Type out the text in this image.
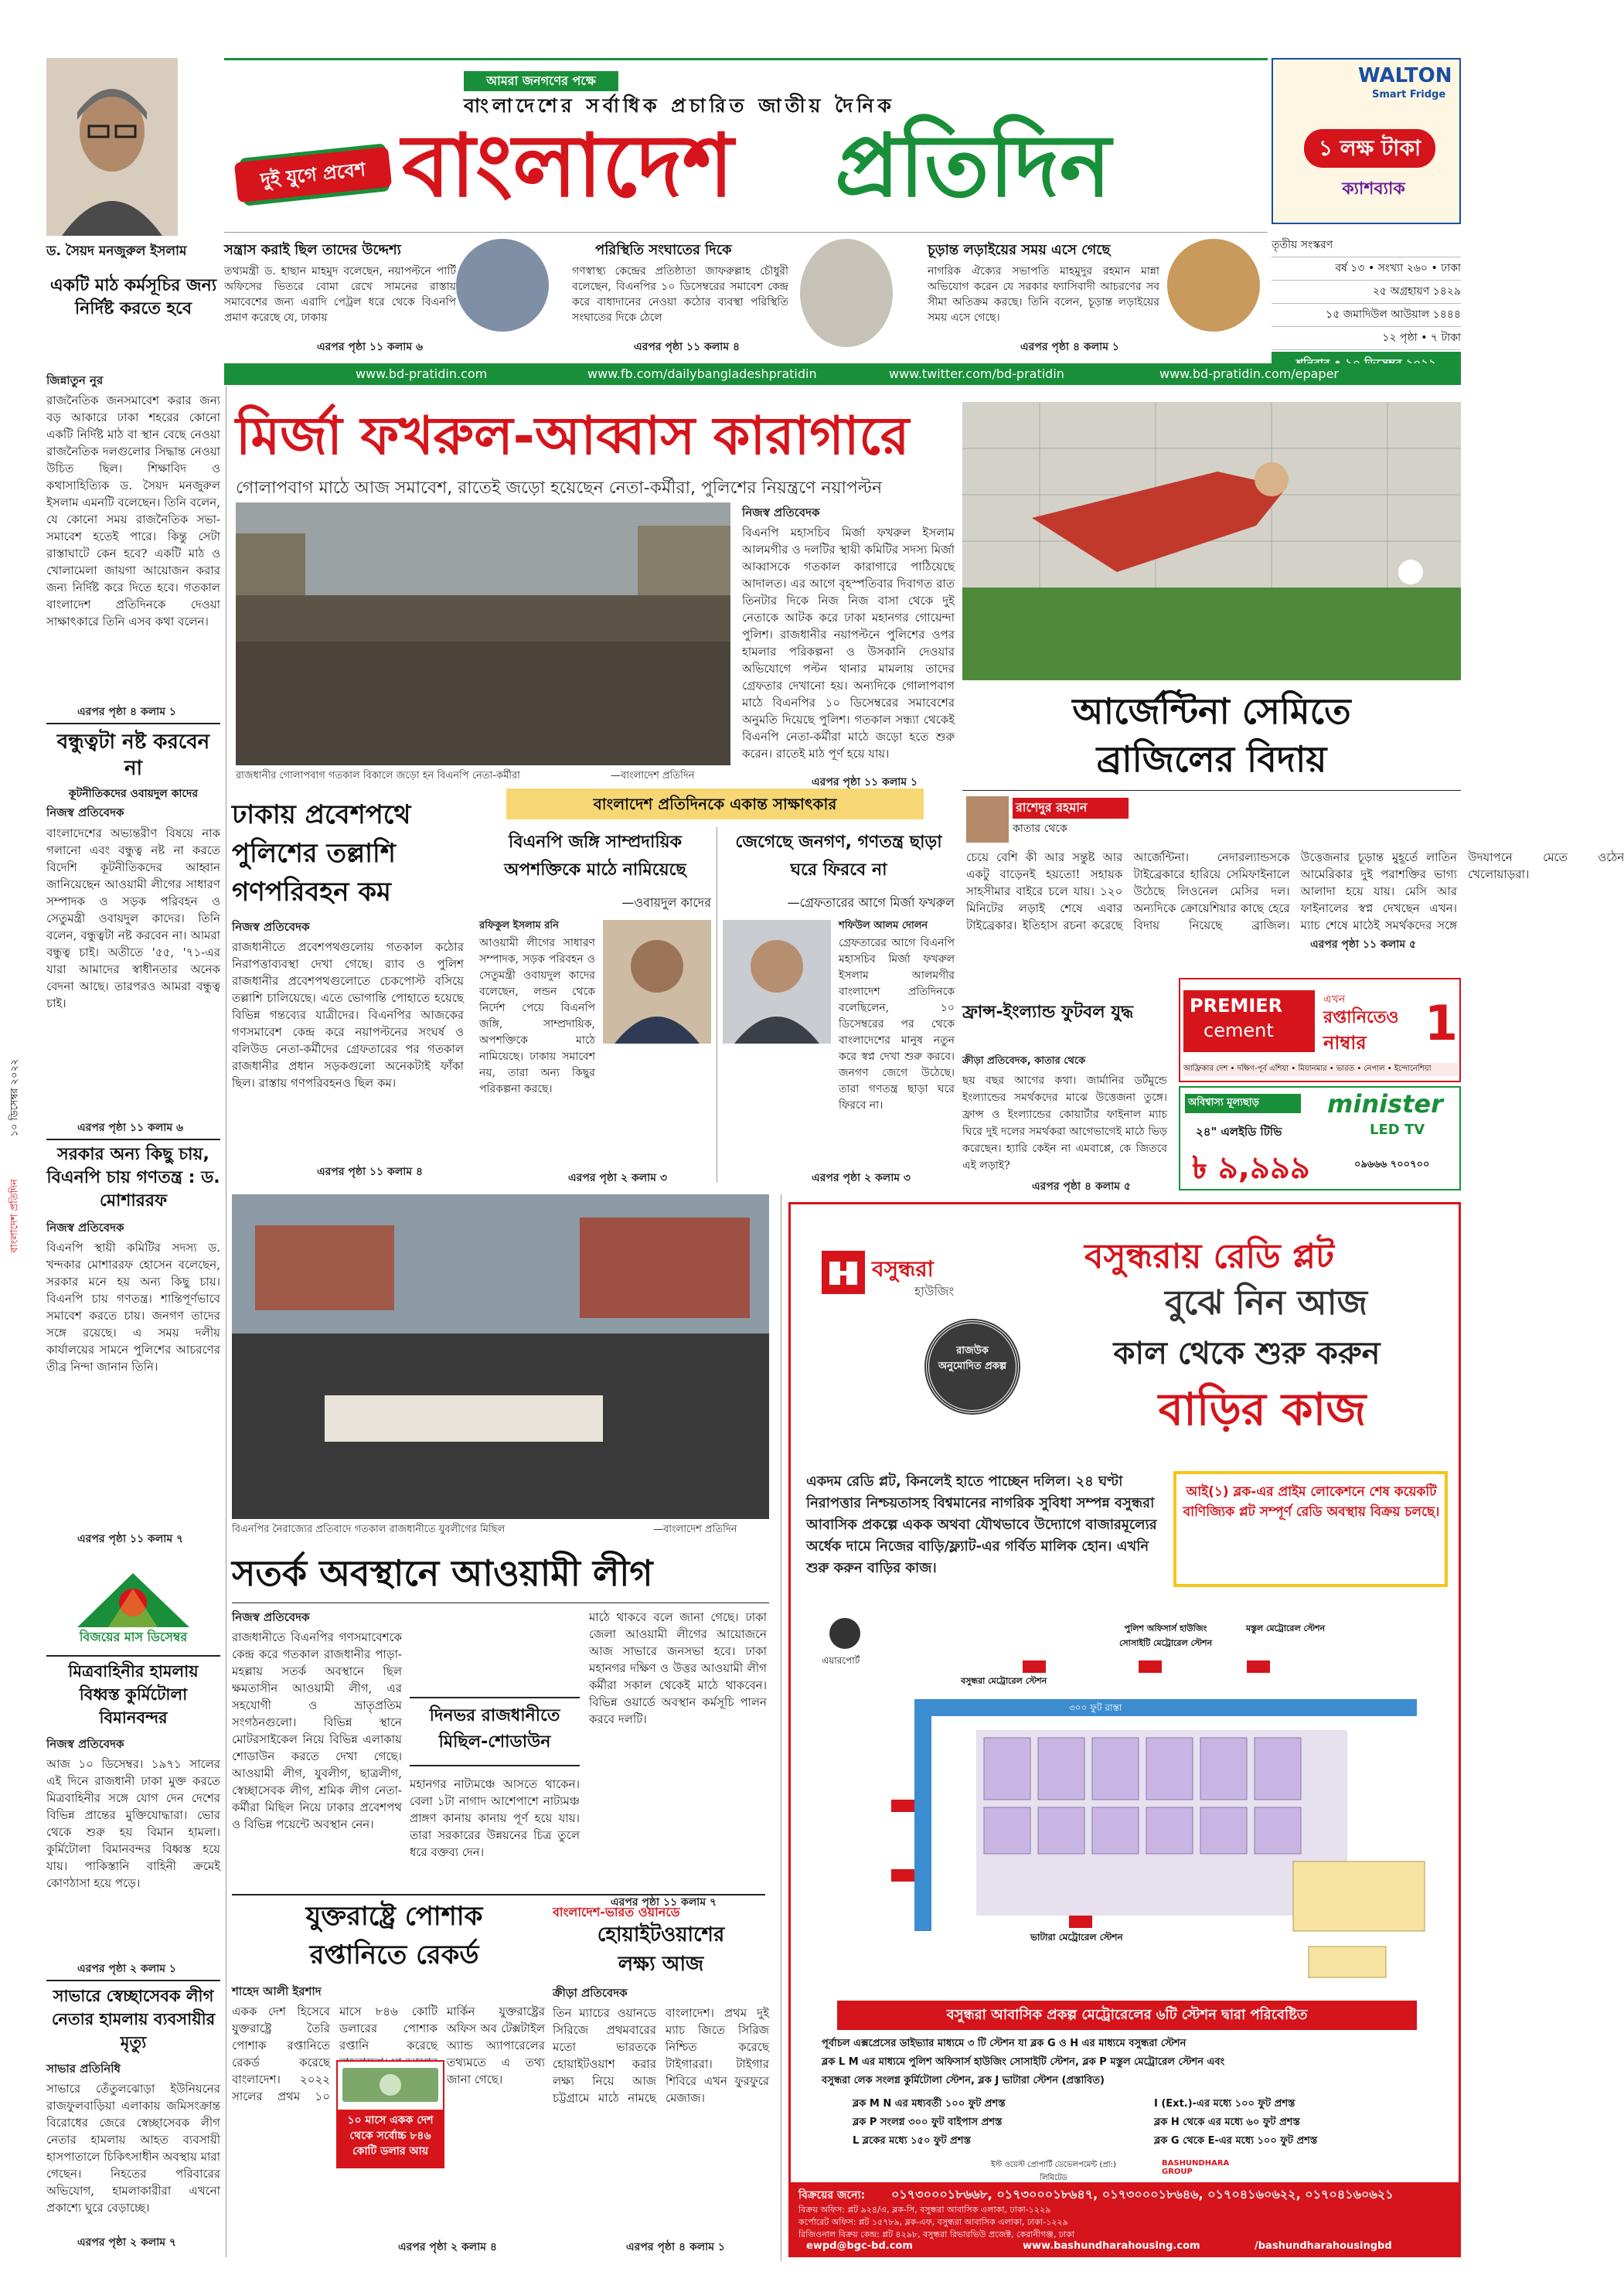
ড. সৈয়দ মনজুরুল ইসলাম
দুই যুগে প্রবেশ
আমরা জনগণের পক্ষে
বাংলাদেশের সর্বাধিক প্রচারিত জাতীয় দৈনিক
বাংলাদেশ	প্রতিদিন
WALTON
Smart Fridge
১ লক্ষ টাকা
ক্যাশব্যাক
সন্ত্রাস করাই ছিল তাদের উদ্দেশ্য
তথ্যমন্ত্রী ড. হাছান মাহমুদ বলেছেন, নয়াপল্টনে পার্টি অফিসের ভিতরে বোমা রেখে সামনের রাস্তায় সমাবেশের জন্য এরাদি পেট্রল ধরে থেকে বিএনপি প্রমাণ করেছে যে, ঢাকায়
এরপর পৃষ্ঠা ১১ কলাম ৬
পরিস্থিতি সংঘাতের দিকে
গণস্বাস্থ্য কেন্দ্রের প্রতিষ্ঠাতা জাফরুল্লাহ চৌধুরী বলেছেন, বিএনপির ১০ ডিসেম্বরের সমাবেশ কেন্দ্র করে বাধাদানের নেওয়া কঠোর ব্যবস্থা পরিস্থিতি সংঘাতের দিকে ঠেলে
এরপর পৃষ্ঠা ১১ কলাম ৪
চূড়ান্ত লড়াইয়ের সময় এসে গেছে
নাগরিক ঐক্যের সভাপতি মাহমুদুর রহমান মান্না অভিযোগ করেন যে সরকার ফ্যাসিবাদী আচরণের সব সীমা অতিক্রম করছে। তিনি বলেন, চূড়ান্ত লড়াইয়ের সময় এসে গেছে।
এরপর পৃষ্ঠা ৪ কলাম ১
তৃতীয় সংস্করণ
বর্ষ ১৩ • সংখ্যা ২৬০ • ঢাকা
২৫ অগ্রহায়ণ ১৪২৯
১৫ জমাদিউল আউয়াল ১৪৪৪
১২ পৃষ্ঠা • ৭ টাকা
www.bd-pratidin.com	www.fb.com/dailybangladeshpratidin	www.twitter.com/bd-pratidin	www.bd-pratidin.com/epaper
একটি মাঠ কর্মসূচির জন্য নির্দিষ্ট করতে হবে
জিন্নাতুন নুর
রাজনৈতিক জনসমাবেশ করার জন্য বড় আকারে ঢাকা শহরের কোনো একটি নির্দিষ্ট মাঠ বা স্থান বেছে নেওয়া রাজনৈতিক দলগুলোর সিদ্ধান্ত নেওয়া উচিত ছিল। শিক্ষাবিদ ও কথাসাহিত্যিক ড. সৈয়দ মনজুরুল ইসলাম এমনটি বলেছেন। তিনি বলেন, যে কোনো সময় রাজনৈতিক সভা-সমাবেশ হতেই পারে। কিন্তু সেটা রাস্তাঘাটে কেন হবে? একটি মাঠ ও খোলামেলা জায়গা আয়োজন করার জন্য নির্দিষ্ট করে দিতে হবে। গতকাল বাংলাদেশ প্রতিদিনকে দেওয়া সাক্ষাৎকারে তিনি এসব কথা বলেন।
এরপর পৃষ্ঠা ৪ কলাম ১
বন্ধুত্বটা নষ্ট করবেন না
কূটনীতিকদের ওবায়দুল কাদের
নিজস্ব প্রতিবেদক
বাংলাদেশের অভ্যন্তরীণ বিষয়ে নাক গলানো এবং বন্ধুত্ব নষ্ট না করতে বিদেশি কূটনীতিকদের আহ্বান জানিয়েছেন আওয়ামী লীগের সাধারণ সম্পাদক ও সড়ক পরিবহন ও সেতুমন্ত্রী ওবায়দুল কাদের। তিনি বলেন, বন্ধুত্বটা নষ্ট করবেন না। আমরা বন্ধুত্ব চাই। অতীতে '৫৫, '৭১-এর যারা আমাদের স্বাধীনতার অনেক বেদনা আছে। তারপরও আমরা বন্ধুত্ব চাই।
এরপর পৃষ্ঠা ১১ কলাম ৬
সরকার অন্য কিছু চায়, বিএনপি চায় গণতন্ত্র : ড. মোশাররফ
নিজস্ব প্রতিবেদক
বিএনপি স্থায়ী কমিটির সদস্য ড. খন্দকার মোশাররফ হোসেন বলেছেন, সরকার মনে হয় অন্য কিছু চায়। বিএনপি চায় গণতন্ত্র। শান্তিপূর্ণভাবে সমাবেশ করতে চায়। জনগণ তাদের সঙ্গে রয়েছে। এ সময় দলীয় কার্যালয়ের সামনে পুলিশের আচরণের তীব্র নিন্দা জানান তিনি।
এরপর পৃষ্ঠা ১১ কলাম ৭
বিজয়ের মাস ডিসেম্বর
মিত্রবাহিনীর হামলায় বিধ্বস্ত কুর্মিটোলা বিমানবন্দর
নিজস্ব প্রতিবেদক
আজ ১০ ডিসেম্বর। ১৯৭১ সালের এই দিনে রাজধানী ঢাকা মুক্ত করতে মিত্রবাহিনীর সঙ্গে যোগ দেন দেশের বিভিন্ন প্রান্তের মুক্তিযোদ্ধারা। ভোর থেকে শুরু হয় বিমান হামলা। কুর্মিটোলা বিমানবন্দর বিধ্বস্ত হয়ে যায়। পাকিস্তানি বাহিনী ক্রমেই কোণঠাসা হয়ে পড়ে।
এরপর পৃষ্ঠা ২ কলাম ১
সাভারে স্বেচ্ছাসেবক লীগ নেতার হামলায় ব্যবসায়ীর মৃত্যু
সাভার প্রতিনিধি
সাভারে তেঁতুলঝোড়া ইউনিয়নের রাজফুলবাড়িয়া এলাকায় জমিসংক্রান্ত বিরোধের জেরে স্বেচ্ছাসেবক লীগ নেতার হামলায় আহত ব্যবসায়ী হাসপাতালে চিকিৎসাধীন অবস্থায় মারা গেছেন। নিহতের পরিবারের অভিযোগ, হামলাকারীরা এখনো প্রকাশ্যে ঘুরে বেড়াচ্ছে।
এরপর পৃষ্ঠা ২ কলাম ৭
১০ ডিসেম্বর ২০২২
বাংলাদেশ প্রতিদিন
মির্জা ফখরুল-আব্বাস কারাগারে
গোলাপবাগ মাঠে আজ সমাবেশ, রাতেই জড়ো হয়েছেন নেতা-কর্মীরা, পুলিশের নিয়ন্ত্রণে নয়াপল্টন
রাজধানীর গোলাপবাগ গতকাল বিকালে জড়ো হন বিএনপি নেতা-কর্মীরা	—বাংলাদেশ প্রতিদিন
নিজস্ব প্রতিবেদক
বিএনপি মহাসচিব মির্জা ফখরুল ইসলাম আলমগীর ও দলটির স্থায়ী কমিটির সদস্য মির্জা আব্বাসকে গতকাল কারাগারে পাঠিয়েছে আদালত। এর আগে বৃহস্পতিবার দিবাগত রাত তিনটার দিকে নিজ নিজ বাসা থেকে দুই নেতাকে আটক করে ঢাকা মহানগর গোয়েন্দা পুলিশ। রাজধানীর নয়াপল্টনে পুলিশের ওপর হামলার পরিকল্পনা ও উসকানি দেওয়ার অভিযোগে পল্টন থানার মামলায় তাদের গ্রেফতার দেখানো হয়। অন্যদিকে গোলাপবাগ মাঠে বিএনপির ১০ ডিসেম্বরের সমাবেশের অনুমতি দিয়েছে পুলিশ। গতকাল সন্ধ্যা থেকেই বিএনপি নেতা-কর্মীরা মাঠে জড়ো হতে শুরু করেন। রাতেই মাঠ পূর্ণ হয়ে যায়।
এরপর পৃষ্ঠা ১১ কলাম ১
আর্জেন্টিনা সেমিতে
ব্রাজিলের বিদায়
রাশেদুর রহমান
কাতার থেকে
চেয়ে বেশি কী আর সন্তুষ্ট আর একটু বাড়েনই হয়তো! সহায়ক সাহসীমার বাইরে চলে যায়। ১২০ মিনিটের লড়াই শেষে এবার টাইব্রেকার। ইতিহাস রচনা করেছে আর্জেন্টিনা। নেদারল্যান্ডসকে টাইব্রেকারে হারিয়ে সেমিফাইনালে উঠেছে লিওনেল মেসির দল। অন্যদিকে ক্রোয়েশিয়ার কাছে হেরে বিদায় নিয়েছে ব্রাজিল। উত্তেজনার চূড়ান্ত মুহূর্তে লাতিন আমেরিকার দুই পরাশক্তির ভাগ্য আলাদা হয়ে যায়। মেসি আর ফাইনালের স্বপ্ন দেখছেন এখন। ম্যাচ শেষে মাঠেই সমর্থকদের সঙ্গে উদযাপনে মেতে ওঠেন খেলোয়াড়রা।
এরপর পৃষ্ঠা ১১ কলাম ৫
ঢাকায় প্রবেশপথে
পুলিশের তল্লাশি
গণপরিবহন কম
নিজস্ব প্রতিবেদক
রাজধানীতে প্রবেশপথগুলোয় গতকাল কঠোর নিরাপত্তাব্যবস্থা দেখা গেছে। র‍্যাব ও পুলিশ রাজধানীর প্রবেশপথগুলোতে চেকপোস্ট বসিয়ে তল্লাশি চালিয়েছে। এতে ভোগান্তি পোহাতে হয়েছে বিভিন্ন গন্তব্যের যাত্রীদের। বিএনপির আজকের গণসমাবেশ কেন্দ্র করে নয়াপল্টনের সংঘর্ষ ও বলিউড নেতা-কর্মীদের গ্রেফতারের পর গতকাল রাজধানীর প্রধান সড়কগুলো অনেকটাই ফাঁকা ছিল। রাস্তায় গণপরিবহনও ছিল কম।
এরপর পৃষ্ঠা ১১ কলাম ৪
বাংলাদেশ প্রতিদিনকে একান্ত সাক্ষাৎকার
বিএনপি জঙ্গি সাম্প্রদায়িক অপশক্তিকে মাঠে নামিয়েছে
—ওবায়দুল কাদের
জেগেছে জনগণ, গণতন্ত্র ছাড়া ঘরে ফিরবে না
—গ্রেফতারের আগে মির্জা ফখরুল
রফিকুল ইসলাম রনি
আওয়ামী লীগের সাধারণ সম্পাদক, সড়ক পরিবহন ও সেতুমন্ত্রী ওবায়দুল কাদের বলেছেন, লন্ডন থেকে নির্দেশ পেয়ে বিএনপি জঙ্গি, সাম্প্রদায়িক, অপশক্তিকে মাঠে নামিয়েছে। ঢাকায় সমাবেশ নয়, তারা অন্য কিছুর পরিকল্পনা করছে।
এরপর পৃষ্ঠা ২ কলাম ৩
শফিউল আলম দোলন
গ্রেফতারের আগে বিএনপি মহাসচিব মির্জা ফখরুল ইসলাম আলমগীর বাংলাদেশ প্রতিদিনকে বলেছিলেন, ১০ ডিসেম্বরের পর থেকে বাংলাদেশের মানুষ নতুন করে স্বপ্ন দেখা শুরু করবে। জনগণ জেগে উঠেছে। তারা গণতন্ত্র ছাড়া ঘরে ফিরবে না।
এরপর পৃষ্ঠা ২ কলাম ৩
ফ্রান্স-ইংল্যান্ড ফুটবল যুদ্ধ
ক্রীড়া প্রতিবেদক, কাতার থেকে
ছয় বছর আগের কথা। জার্মানির ডর্টমুন্ডে ইংল্যান্ডের সমর্থকদের মাঝে উত্তেজনা তুঙ্গে। ফ্রান্স ও ইংল্যান্ডের কোয়ার্টার ফাইনাল ম্যাচ ঘিরে দুই দলের সমর্থকরা আগেভাগেই মাঠে ভিড় করেছেন। হ্যারি কেইন না এমবাপ্পে, কে জিতবে এই লড়াই?
এরপর পৃষ্ঠা ৪ কলাম ৫
PREMIER
cement
এখন
রপ্তানিতেও
নাম্বার	1
আফ্রিকার দেশ • দক্ষিণ-পূর্ব এশিয়া • মিয়ানমার • ভারত • নেপাল • ইন্দোনেশিয়া
অবিশ্বাস্য মূল্যছাড়	minister
LED TV
২৪" এলইডি টিভি
৳ ৯,৯৯৯	০৯৬৬৬ ৭০০৭০০
বিএনপির নৈরাজ্যের প্রতিবাদে গতকাল রাজধানীতে যুবলীগের মিছিল	—বাংলাদেশ প্রতিদিন
সতর্ক অবস্থানে আওয়ামী লীগ
নিজস্ব প্রতিবেদক
রাজধানীতে বিএনপির গণসমাবেশকে কেন্দ্র করে গতকাল রাজধানীর পাড়া-মহল্লায় সতর্ক অবস্থানে ছিল ক্ষমতাসীন আওয়ামী লীগ, এর সহযোগী ও ভ্রাতৃপ্রতিম সংগঠনগুলো। বিভিন্ন স্থানে মোটরসাইকেল নিয়ে বিভিন্ন এলাকায় শোডাউন করতে দেখা গেছে। আওয়ামী লীগ, যুবলীগ, ছাত্রলীগ, স্বেচ্ছাসেবক লীগ, শ্রমিক লীগ নেতা-কর্মীরা মিছিল নিয়ে ঢাকার প্রবেশপথ ও বিভিন্ন পয়েন্টে অবস্থান নেন।
দিনভর রাজধানীতে মিছিল-শোডাউন
মহানগর নাট্যমঞ্চে আসতে থাকেন। বেলা ১টা নাগাদ আশেপাশে নাট্যমঞ্চ প্রাঙ্গণ কানায় কানায় পূর্ণ হয়ে যায়। তারা সরকারের উন্নয়নের চিত্র তুলে ধরে বক্তব্য দেন।
মাঠে থাকবে বলে জানা গেছে। ঢাকা জেলা আওয়ামী লীগের আয়োজনে আজ সাভারে জনসভা হবে। ঢাকা মহানগর দক্ষিণ ও উত্তর আওয়ামী লীগ কর্মীরা সকাল থেকেই মাঠে থাকবেন। বিভিন্ন ওয়ার্ডে অবস্থান কর্মসূচি পালন করবে দলটি।
এরপর পৃষ্ঠা ১১ কলাম ৭
যুক্তরাষ্ট্রে পোশাক
রপ্তানিতে রেকর্ড
শাহেদ আলী ইরশাদ
একক দেশ হিসেবে যুক্তরাষ্ট্রে তৈরি পোশাক রপ্তানিতে রেকর্ড করেছে বাংলাদেশ। ২০২২ সালের প্রথম ১০ মাসে ৮৪৬ কোটি ডলারের পোশাক রপ্তানি করেছে মার্কিন যুক্তরাষ্ট্রের অফিস অব টেক্সটাইল অ্যান্ড অ্যাপারেলের তথ্যমতে এ তথ্য জানা গেছে।
১০ মাসে একক দেশ থেকে সর্বোচ্চ ৮৪৬ কোটি ডলার আয়
এরপর পৃষ্ঠা ২ কলাম ৪
বাংলাদেশ-ভারত ওয়ানডে
হোয়াইটওয়াশের
লক্ষ্য আজ
ক্রীড়া প্রতিবেদক
তিন ম্যাচের ওয়ানডে সিরিজে প্রথমবারের মতো ভারতকে হোয়াইটওয়াশ করার লক্ষ্য নিয়ে আজ চট্টগ্রামে মাঠে নামছে বাংলাদেশ। প্রথম দুই ম্যাচ জিতে সিরিজ নিশ্চিত করেছে টাইগাররা। টাইগার শিবিরে এখন ফুরফুরে মেজাজ।
এরপর পৃষ্ঠা ৪ কলাম ১
বসুন্ধরা
হাউজিং
রাজউক অনুমোদিত প্রকল্প
বসুন্ধরায় রেডি প্লট
বুঝে নিন আজ
কাল থেকে শুরু করুন
বাড়ির কাজ
একদম রেডি প্লট, কিনলেই হাতে পাচ্ছেন দলিল। ২৪ ঘণ্টা নিরাপত্তার নিশ্চয়তাসহ বিশ্বমানের নাগরিক সুবিধা সম্পন্ন বসুন্ধরা আবাসিক প্রকল্পে একক অথবা যৌথভাবে উদ্যোগে বাজারমূল্যের অর্ধেক দামে নিজের বাড়ি/ফ্ল্যাট-এর গর্বিত মালিক হোন। এখনি শুরু করুন বাড়ির কাজ।
আই(১) ব্লক-এর প্রাইম লোকেশনে শেষ কয়েকটি বাণিজ্যিক প্লট সম্পূর্ণ রেডি অবস্থায় বিক্রয় চলছে।
এয়ারপোর্ট
বসুন্ধরা মেট্রোরেল স্টেশন
পুলিশ অফিসার্স হাউজিং সোসাইটি মেট্রোরেল স্টেশন
মস্তুল মেট্রোরেল স্টেশন
ভাটারা মেট্রোরেল স্টেশন
৩০০ ফুট রাস্তা
বসুন্ধরা আবাসিক প্রকল্প মেট্রোরেলের ৬টি স্টেশন দ্বারা পরিবেষ্টিত
পূর্বাচল এক্সপ্রেসের ডাইভ্যার মাধ্যমে ৩ টি স্টেশন যা ব্লক G ও H এর মাধ্যমে বসুন্ধরা স্টেশন
ব্লক L M এর মাধ্যমে পুলিশ অফিসার্স হাউজিং সোসাইটি স্টেশন, ব্লক P মস্তুল মেট্রোরেল স্টেশন এবং
বসুন্ধরা লেক সংলগ্ন কুর্মিটোলা স্টেশন, ব্লক J ভাটারা স্টেশন (প্রস্তাবিত)
ব্লক M N এর মধ্যবর্তী ১০০ ফুট প্রশস্ত
ব্লক P সংলগ্ন ৩০০ ফুট বাইপাস প্রশস্ত
L ব্লকের মধ্যে ১৫০ ফুট প্রশস্ত
I (Ext.)-এর মধ্যে ১০০ ফুট প্রশস্ত
ব্লক H থেকে এর মধ্যে ৬০ ফুট প্রশস্ত
ব্লক G থেকে E-এর মধ্যে ১০০ ফুট প্রশস্ত
ইস্ট ওয়েস্ট প্রোপার্টি ডেভেলপমেন্ট (প্রা:) লিমিটেড
BASHUNDHARA GROUP
বিক্রয়ের জন্যে:	০১৭৩০০০১৮৬৬৮, ০১৭৩০০০১৮৬৪৭, ০১৭৩০০০১৮৬৪৬, ০১৭০৪১৬০৬২২, ০১৭০৪১৬০৬২১
বিক্রয় অফিস: প্লট ৯২৪/এ, ব্লক-সি, বসুন্ধরা আবাসিক এলাকা, ঢাকা-১২২৯
কর্পোরেট অফিস: প্লট ১৫৭৮৯, ব্লক-এফ, বসুন্ধরা আবাসিক এলাকা, ঢাকা-১২২৯
রিজিওনাল বিক্রয় কেন্দ্র: প্লট ৪২৯৮, বসুন্ধরা রিভারভিউ প্রজেক্ট, কেরানীগঞ্জ, ঢাকা
ewpd@bgc-bd.com	www.bashundharahousing.com	/bashundharahousingbd
